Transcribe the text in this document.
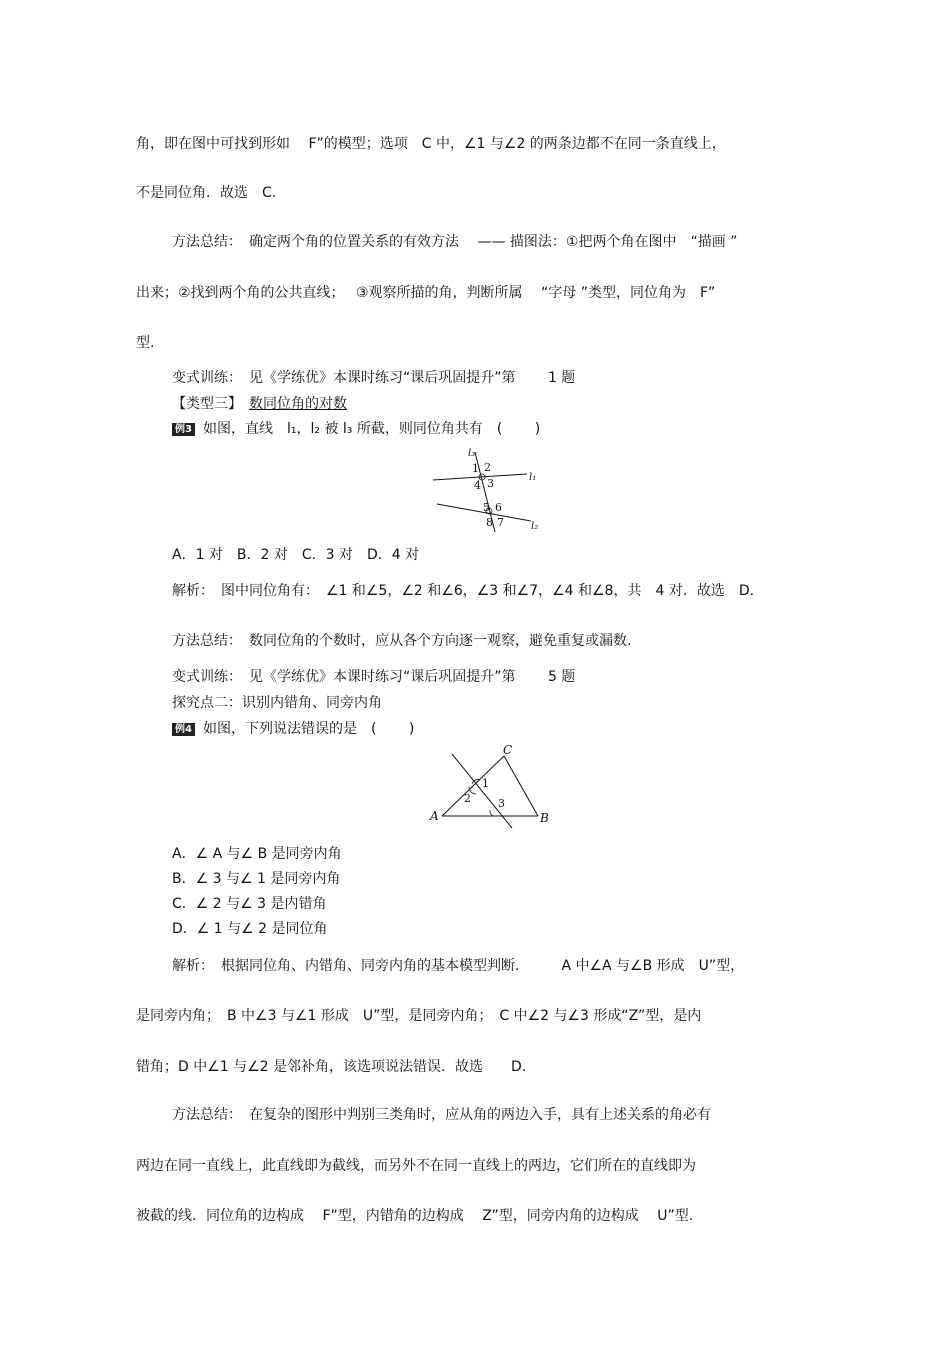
角，即在图中可找到形如　 F”的模型；选项　C 中，∠1 与∠2 的两条边都不在同一条直线上，
不是同位角．故选　C.
方法总结：　确定两个角的位置关系的有效方法　 —— 描图法：①把两个角在图中　“描画 ”
出来；②找到两个角的公共直线；　 ③观察所描的角，判断所属　 “字母 ”类型，同位角为　F”
型.
变式训练：　见《学练优》本课时练习“课后巩固提升”第　　 1 题
【类型三】　数同位角的对数
例3 如图，直线　l₁，l₂ 被 l₃ 所截，则同位角共有　(　　 )
l₃
l₁
l₂
1 2
3
4
5 6
7
8
A．1 对　B．2 对　C．3 对　D．4 对
解析：　图中同位角有：　∠1 和∠5，∠2 和∠6，∠3 和∠7，∠4 和∠8，共　4 对．故选　D.
方法总结：　数同位角的个数时，应从各个方向逐一观察，避免重复或漏数.
变式训练：　见《学练优》本课时练习“课后巩固提升”第　　 5 题
探究点二：识别内错角、同旁内角
例4 如图，下列说法错误的是　(　　 )
A	B
C
1
2 3
A．∠ A 与∠ B 是同旁内角
B．∠ 3 与∠ 1 是同旁内角
C．∠ 2 与∠ 3 是内错角
D．∠ 1 与∠ 2 是同位角
解析：　根据同位角、内错角、同旁内角的基本模型判断.　　　A 中∠A 与∠B 形成　U”型，
是同旁内角；　B 中∠3 与∠1 形成　U”型，是同旁内角；　C 中∠2 与∠3 形成“Z”型，是内
错角；D 中∠1 与∠2 是邻补角，该选项说法错误．故选　　D.
方法总结：　在复杂的图形中判别三类角时，应从角的两边入手，具有上述关系的角必有
两边在同一直线上，此直线即为截线，而另外不在同一直线上的两边，它们所在的直线即为
被截的线．同位角的边构成　 F”型，内错角的边构成　 Z”型，同旁内角的边构成　 U”型.
